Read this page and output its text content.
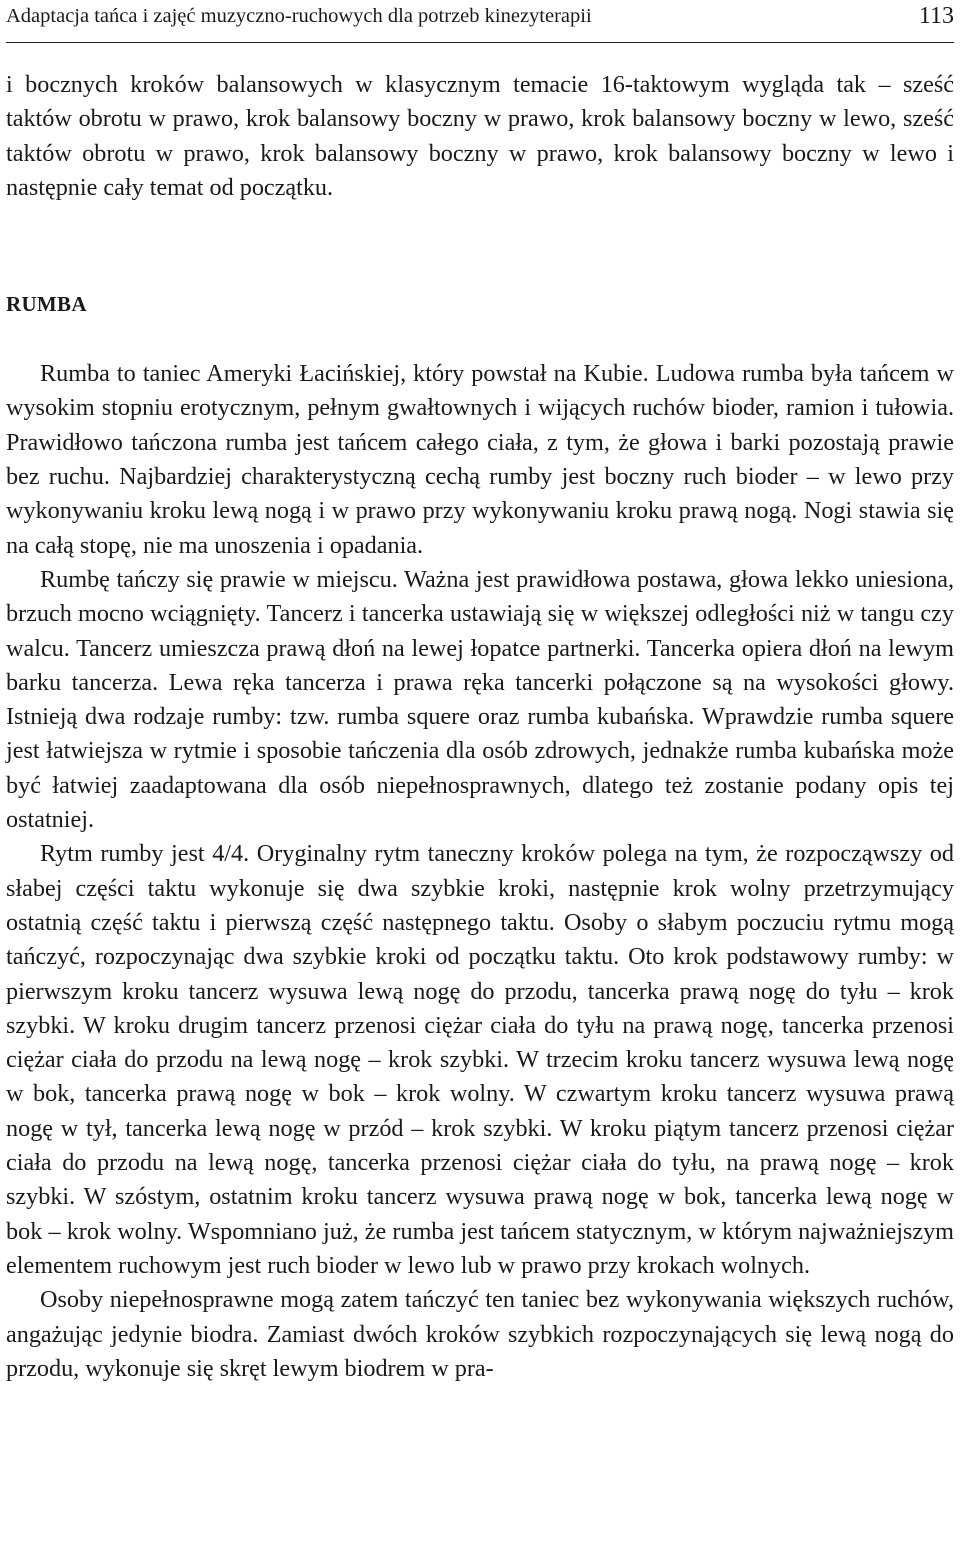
Adaptacja tańca i zajęć muzyczno-ruchowych dla potrzeb kinezyterapii	113

i bocznych kroków balansowych w klasycznym temacie 16-taktowym wygląda tak – sześć taktów obrotu w prawo, krok balansowy boczny w prawo, krok balansowy boczny w lewo, sześć taktów obrotu w prawo, krok balansowy boczny w prawo, krok balansowy boczny w lewo i następnie cały temat od początku.

RUMBA

Rumba to taniec Ameryki Łacińskiej, który powstał na Kubie. Ludowa rumba była tańcem w wysokim stopniu erotycznym, pełnym gwałtownych i wijących ruchów bioder, ramion i tułowia. Prawidłowo tańczona rumba jest tańcem całego ciała, z tym, że głowa i barki pozostają prawie bez ruchu. Najbardziej charakterystyczną cechą rumby jest boczny ruch bioder – w lewo przy wykonywaniu kroku lewą nogą i w prawo przy wykonywaniu kroku prawą nogą. Nogi stawia się na całą stopę, nie ma unoszenia i opadania.

Rumbę tańczy się prawie w miejscu. Ważna jest prawidłowa postawa, głowa lekko uniesiona, brzuch mocno wciągnięty. Tancerz i tancerka ustawiają się w większej odległości niż w tangu czy walcu. Tancerz umieszcza prawą dłoń na lewej łopatce partnerki. Tancerka opiera dłoń na lewym barku tancerza. Lewa ręka tancerza i prawa ręka tancerki połączone są na wysokości głowy. Istnieją dwa rodzaje rumby: tzw. rumba squere oraz rumba kubańska. Wprawdzie rumba squere jest łatwiejsza w rytmie i sposobie tańczenia dla osób zdrowych, jednakże rumba kubańska może być łatwiej zaadaptowana dla osób niepełnosprawnych, dlatego też zostanie podany opis tej ostatniej.

Rytm rumby jest 4/4. Oryginalny rytm taneczny kroków polega na tym, że rozpocząwszy od słabej części taktu wykonuje się dwa szybkie kroki, następnie krok wolny przetrzymujący ostatnią część taktu i pierwszą część następnego taktu. Osoby o słabym poczuciu rytmu mogą tańczyć, rozpoczynając dwa szybkie kroki od początku taktu. Oto krok podstawowy rumby: w pierwszym kroku tancerz wysuwa lewą nogę do przodu, tancerka prawą nogę do tyłu – krok szybki. W kroku drugim tancerz przenosi ciężar ciała do tyłu na prawą nogę, tancerka przenosi ciężar ciała do przodu na lewą nogę – krok szybki. W trzecim kroku tancerz wysuwa lewą nogę w bok, tancerka prawą nogę w bok – krok wolny. W czwartym kroku tancerz wysuwa prawą nogę w tył, tancerka lewą nogę w przód – krok szybki. W kroku piątym tancerz przenosi ciężar ciała do przodu na lewą nogę, tancerka przenosi ciężar ciała do tyłu, na prawą nogę – krok szybki. W szóstym, ostatnim kroku tancerz wysuwa prawą nogę w bok, tancerka lewą nogę w bok – krok wolny. Wspomniano już, że rumba jest tańcem statycznym, w którym najważniejszym elementem ruchowym jest ruch bioder w lewo lub w prawo przy krokach wolnych.

Osoby niepełnosprawne mogą zatem tańczyć ten taniec bez wykonywania większych ruchów, angażując jedynie biodra. Zamiast dwóch kroków szybkich rozpoczynających się lewą nogą do przodu, wykonuje się skręt lewym biodrem w pra-
